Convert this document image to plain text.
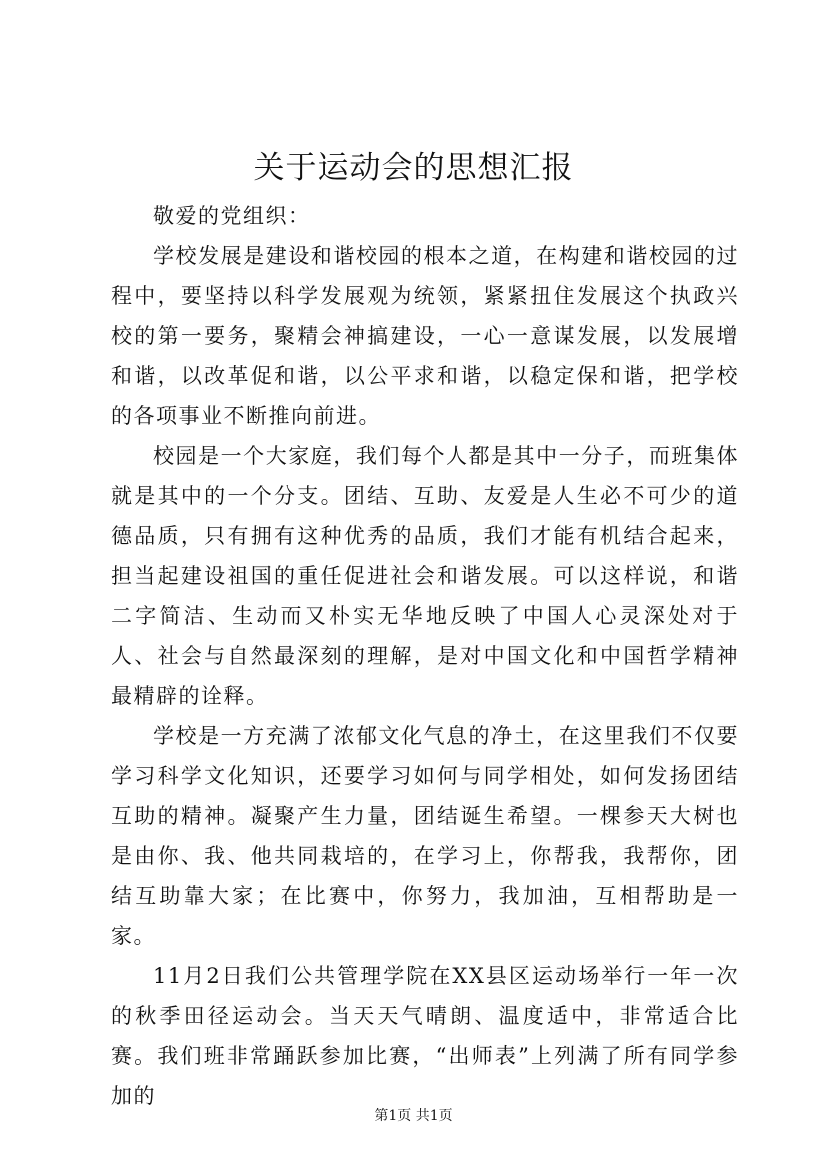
关于运动会的思想汇报

敬爱的党组织：

学校发展是建设和谐校园的根本之道，在构建和谐校园的过程中，要坚持以科学发展观为统领，紧紧扭住发展这个执政兴校的第一要务，聚精会神搞建设，一心一意谋发展，以发展增和谐，以改革促和谐，以公平求和谐，以稳定保和谐，把学校的各项事业不断推向前进。

校园是一个大家庭，我们每个人都是其中一分子，而班集体就是其中的一个分支。团结、互助、友爱是人生必不可少的道德品质，只有拥有这种优秀的品质，我们才能有机结合起来，担当起建设祖国的重任促进社会和谐发展。可以这样说，和谐二字简洁、生动而又朴实无华地反映了中国人心灵深处对于人、社会与自然最深刻的理解，是对中国文化和中国哲学精神最精辟的诠释。

学校是一方充满了浓郁文化气息的净土，在这里我们不仅要学习科学文化知识，还要学习如何与同学相处，如何发扬团结互助的精神。凝聚产生力量，团结诞生希望。一棵参天大树也是由你、我、他共同栽培的，在学习上，你帮我，我帮你，团结互助靠大家；在比赛中，你努力，我加油，互相帮助是一家。

11月2日我们公共管理学院在XX县区运动场举行一年一次的秋季田径运动会。当天天气晴朗、温度适中，非常适合比赛。我们班非常踊跃参加比赛，“出师表”上列满了所有同学参加的

第1页 共1页
